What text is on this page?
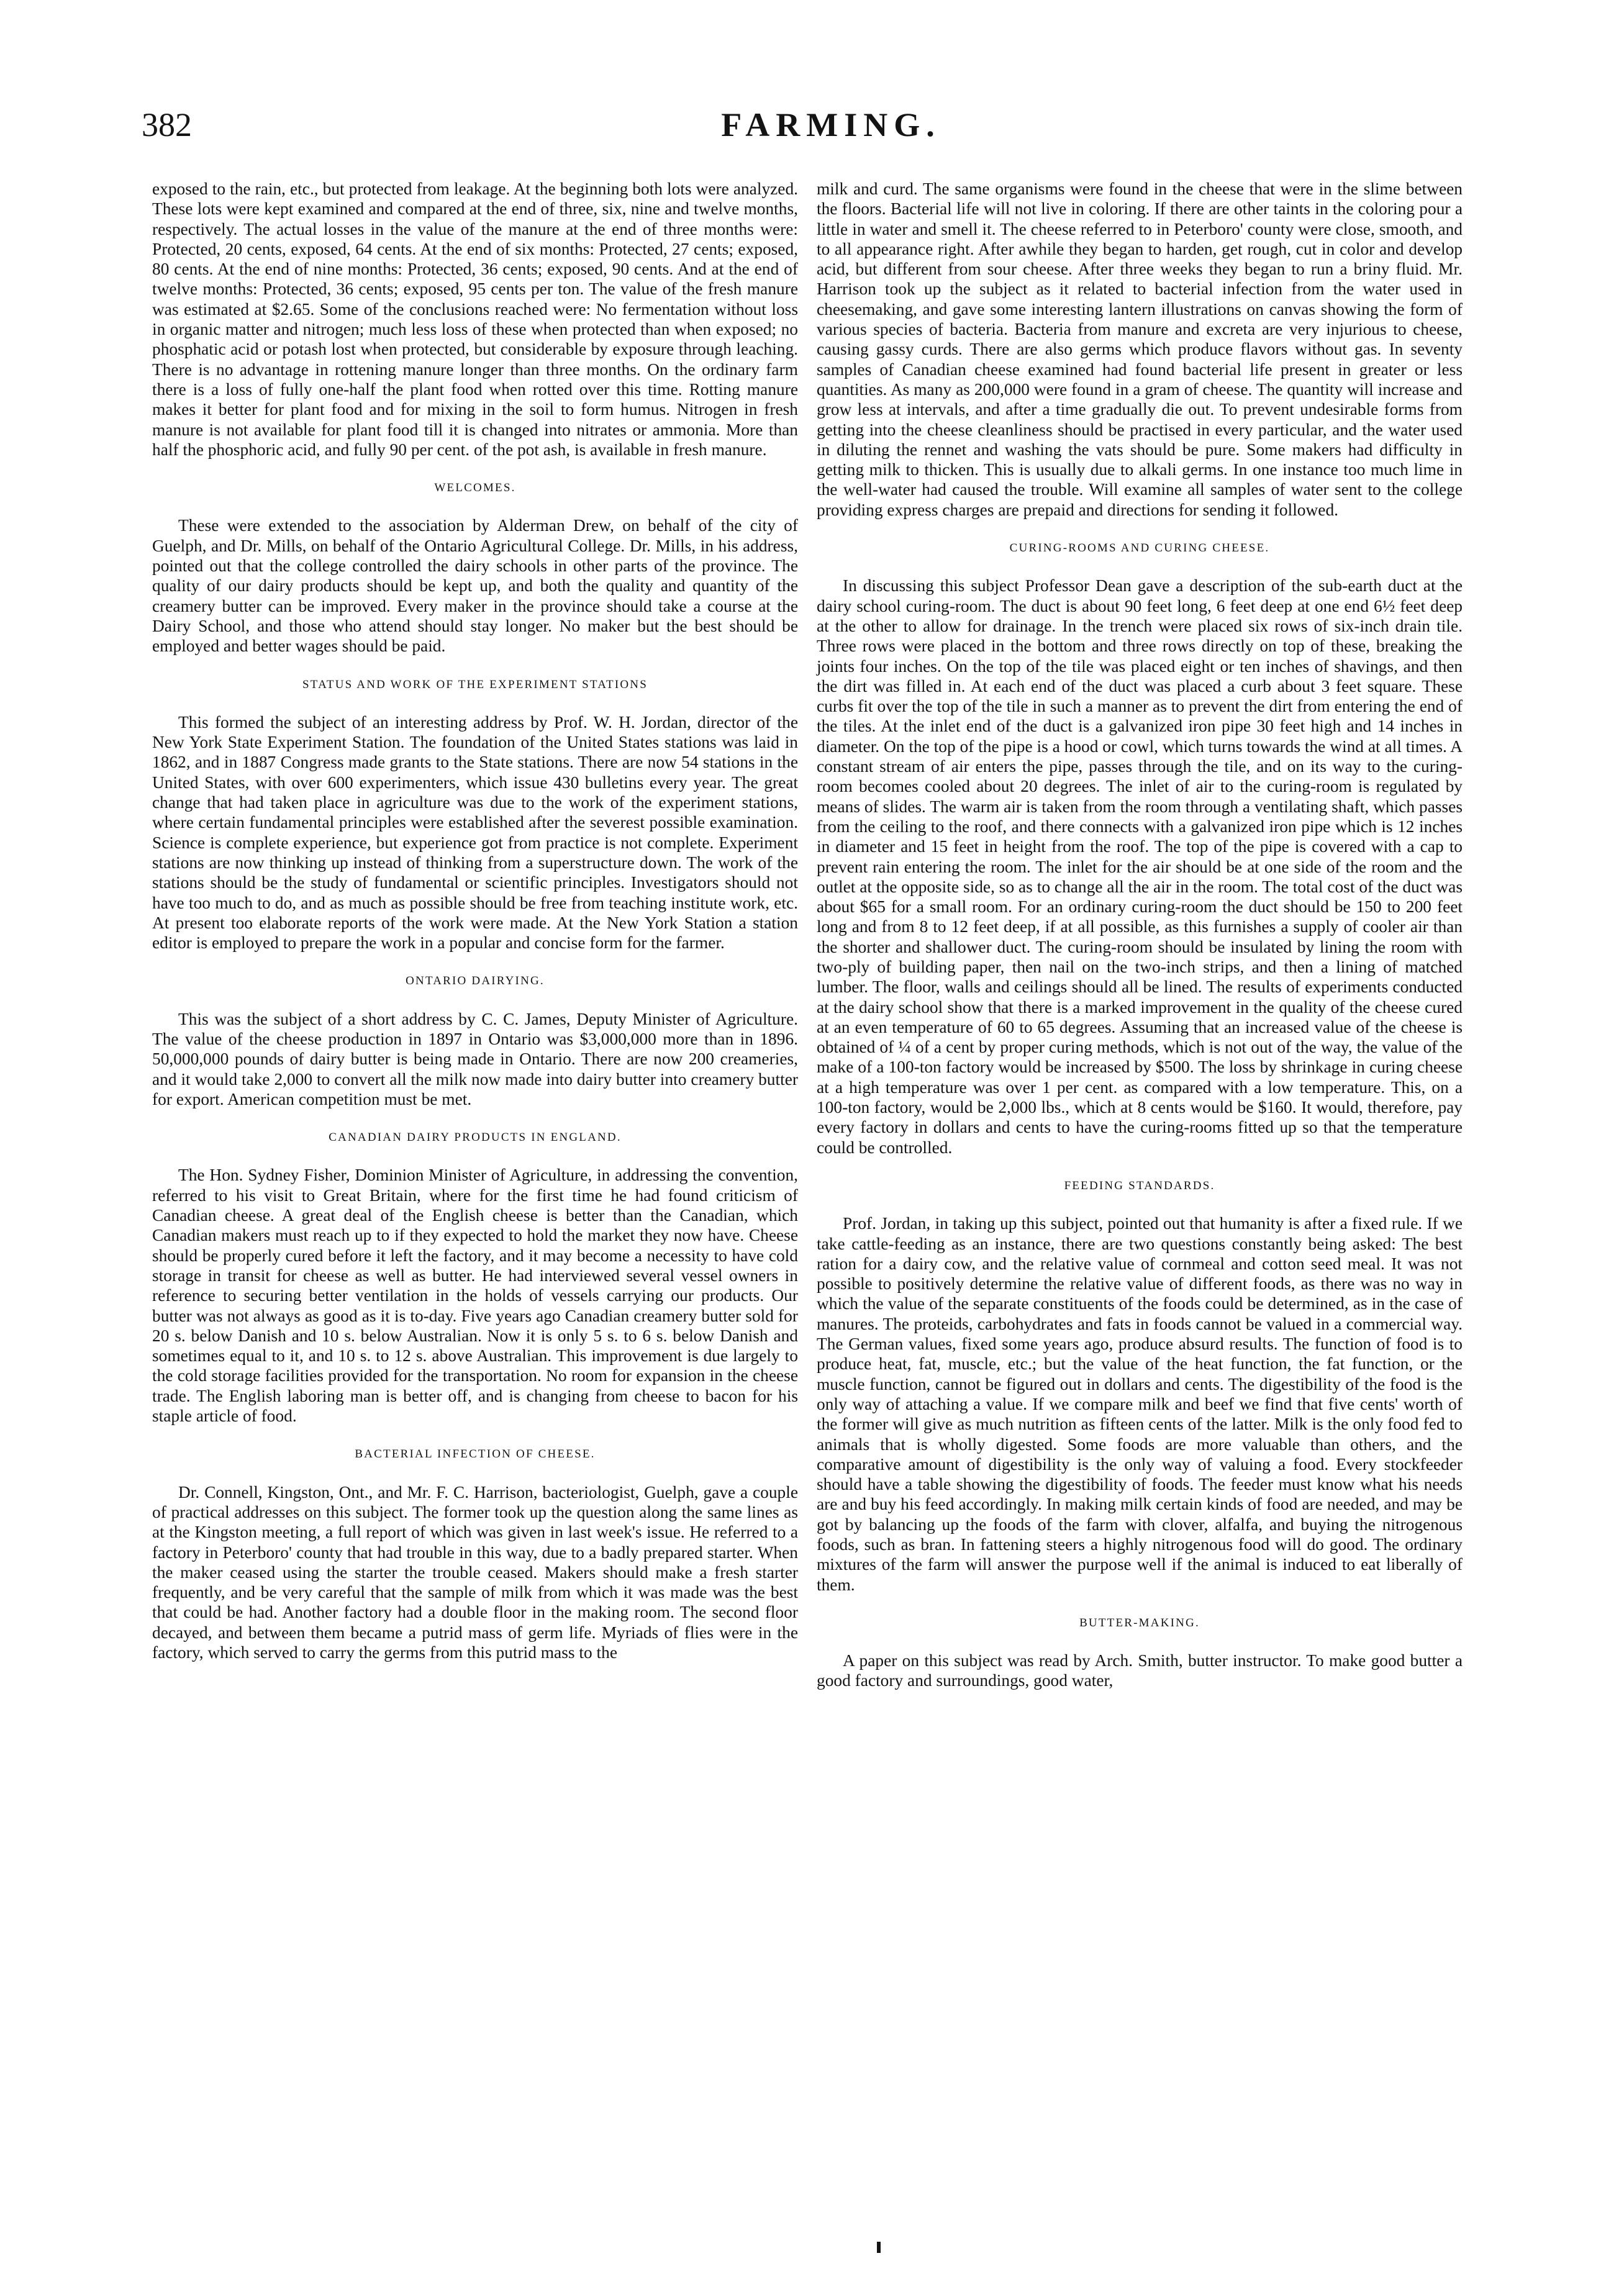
382	FARMING.

exposed to the rain, etc., but protected from leakage. At the beginning both lots were analyzed. These lots were kept examined and compared at the end of three, six, nine and twelve months, respectively. The actual losses in the value of the manure at the end of three months were: Protected, 20 cents, exposed, 64 cents. At the end of six months: Protected, 27 cents; exposed, 80 cents. At the end of nine months: Protected, 36 cents; exposed, 90 cents. And at the end of twelve months: Protected, 36 cents; exposed, 95 cents per ton. The value of the fresh manure was estimated at $2.65. Some of the conclusions reached were: No fermentation without loss in organic matter and nitrogen; much less loss of these when protected than when exposed; no phosphatic acid or potash lost when protected, but considerable by exposure through leaching. There is no advantage in rottening manure longer than three months. On the ordinary farm there is a loss of fully one-half the plant food when rotted over this time. Rotting manure makes it better for plant food and for mixing in the soil to form humus. Nitrogen in fresh manure is not available for plant food till it is changed into nitrates or ammonia. More than half the phosphoric acid, and fully 90 per cent. of the pot ash, is available in fresh manure.

WELCOMES.

These were extended to the association by Alderman Drew, on behalf of the city of Guelph, and Dr. Mills, on behalf of the Ontario Agricultural College. Dr. Mills, in his address, pointed out that the college controlled the dairy schools in other parts of the province. The quality of our dairy products should be kept up, and both the quality and quantity of the creamery butter can be improved. Every maker in the province should take a course at the Dairy School, and those who attend should stay longer. No maker but the best should be employed and better wages should be paid.

STATUS AND WORK OF THE EXPERIMENT STATIONS

This formed the subject of an interesting address by Prof. W. H. Jordan, director of the New York State Experiment Station. The foundation of the United States stations was laid in 1862, and in 1887 Congress made grants to the State stations. There are now 54 stations in the United States, with over 600 experimenters, which issue 430 bulletins every year. The great change that had taken place in agriculture was due to the work of the experiment stations, where certain fundamental principles were established after the severest possible examination. Science is complete experience, but experience got from practice is not complete. Experiment stations are now thinking up instead of thinking from a superstructure down. The work of the stations should be the study of fundamental or scientific principles. Investigators should not have too much to do, and as much as possible should be free from teaching institute work, etc. At present too elaborate reports of the work were made. At the New York Station a station editor is employed to prepare the work in a popular and concise form for the farmer.

ONTARIO DAIRYING.

This was the subject of a short address by C. C. James, Deputy Minister of Agriculture. The value of the cheese production in 1897 in Ontario was $3,000,000 more than in 1896. 50,000,000 pounds of dairy butter is being made in Ontario. There are now 200 creameries, and it would take 2,000 to convert all the milk now made into dairy butter into creamery butter for export. American competition must be met.

CANADIAN DAIRY PRODUCTS IN ENGLAND.

The Hon. Sydney Fisher, Dominion Minister of Agriculture, in addressing the convention, referred to his visit to Great Britain, where for the first time he had found criticism of Canadian cheese. A great deal of the English cheese is better than the Canadian, which Canadian makers must reach up to if they expected to hold the market they now have. Cheese should be properly cured before it left the factory, and it may become a necessity to have cold storage in transit for cheese as well as butter. He had interviewed several vessel owners in reference to securing better ventilation in the holds of vessels carrying our products. Our butter was not always as good as it is to-day. Five years ago Canadian creamery butter sold for 20 s. below Danish and 10 s. below Australian. Now it is only 5 s. to 6 s. below Danish and sometimes equal to it, and 10 s. to 12 s. above Australian. This improvement is due largely to the cold storage facilities provided for the transportation. No room for expansion in the cheese trade. The English laboring man is better off, and is changing from cheese to bacon for his staple article of food.

BACTERIAL INFECTION OF CHEESE.

Dr. Connell, Kingston, Ont., and Mr. F. C. Harrison, bacteriologist, Guelph, gave a couple of practical addresses on this subject. The former took up the question along the same lines as at the Kingston meeting, a full report of which was given in last week's issue. He referred to a factory in Peterboro' county that had trouble in this way, due to a badly prepared starter. When the maker ceased using the starter the trouble ceased. Makers should make a fresh starter frequently, and be very careful that the sample of milk from which it was made was the best that could be had. Another factory had a double floor in the making room. The second floor decayed, and between them became a putrid mass of germ life. Myriads of flies were in the factory, which served to carry the germs from this putrid mass to the

milk and curd. The same organisms were found in the cheese that were in the slime between the floors. Bacterial life will not live in coloring. If there are other taints in the coloring pour a little in water and smell it. The cheese referred to in Peterboro' county were close, smooth, and to all appearance right. After awhile they began to harden, get rough, cut in color and develop acid, but different from sour cheese. After three weeks they began to run a briny fluid. Mr. Harrison took up the subject as it related to bacterial infection from the water used in cheesemaking, and gave some interesting lantern illustrations on canvas showing the form of various species of bacteria. Bacteria from manure and excreta are very injurious to cheese, causing gassy curds. There are also germs which produce flavors without gas. In seventy samples of Canadian cheese examined had found bacterial life present in greater or less quantities. As many as 200,000 were found in a gram of cheese. The quantity will increase and grow less at intervals, and after a time gradually die out. To prevent undesirable forms from getting into the cheese cleanliness should be practised in every particular, and the water used in diluting the rennet and washing the vats should be pure. Some makers had difficulty in getting milk to thicken. This is usually due to alkali germs. In one instance too much lime in the well-water had caused the trouble. Will examine all samples of water sent to the college providing express charges are prepaid and directions for sending it followed.

CURING-ROOMS AND CURING CHEESE.

In discussing this subject Professor Dean gave a description of the sub-earth duct at the dairy school curing-room. The duct is about 90 feet long, 6 feet deep at one end 6½ feet deep at the other to allow for drainage. In the trench were placed six rows of six-inch drain tile. Three rows were placed in the bottom and three rows directly on top of these, breaking the joints four inches. On the top of the tile was placed eight or ten inches of shavings, and then the dirt was filled in. At each end of the duct was placed a curb about 3 feet square. These curbs fit over the top of the tile in such a manner as to prevent the dirt from entering the end of the tiles. At the inlet end of the duct is a galvanized iron pipe 30 feet high and 14 inches in diameter. On the top of the pipe is a hood or cowl, which turns towards the wind at all times. A constant stream of air enters the pipe, passes through the tile, and on its way to the curing-room becomes cooled about 20 degrees. The inlet of air to the curing-room is regulated by means of slides. The warm air is taken from the room through a ventilating shaft, which passes from the ceiling to the roof, and there connects with a galvanized iron pipe which is 12 inches in diameter and 15 feet in height from the roof. The top of the pipe is covered with a cap to prevent rain entering the room. The inlet for the air should be at one side of the room and the outlet at the opposite side, so as to change all the air in the room. The total cost of the duct was about $65 for a small room. For an ordinary curing-room the duct should be 150 to 200 feet long and from 8 to 12 feet deep, if at all possible, as this furnishes a supply of cooler air than the shorter and shallower duct. The curing-room should be insulated by lining the room with two-ply of building paper, then nail on the two-inch strips, and then a lining of matched lumber. The floor, walls and ceilings should all be lined. The results of experiments conducted at the dairy school show that there is a marked improvement in the quality of the cheese cured at an even temperature of 60 to 65 degrees. Assuming that an increased value of the cheese is obtained of ¼ of a cent by proper curing methods, which is not out of the way, the value of the make of a 100-ton factory would be increased by $500. The loss by shrinkage in curing cheese at a high temperature was over 1 per cent. as compared with a low temperature. This, on a 100-ton factory, would be 2,000 lbs., which at 8 cents would be $160. It would, therefore, pay every factory in dollars and cents to have the curing-rooms fitted up so that the temperature could be controlled.

FEEDING STANDARDS.

Prof. Jordan, in taking up this subject, pointed out that humanity is after a fixed rule. If we take cattle-feeding as an instance, there are two questions constantly being asked: The best ration for a dairy cow, and the relative value of cornmeal and cotton seed meal. It was not possible to positively determine the relative value of different foods, as there was no way in which the value of the separate constituents of the foods could be determined, as in the case of manures. The proteids, carbohydrates and fats in foods cannot be valued in a commercial way. The German values, fixed some years ago, produce absurd results. The function of food is to produce heat, fat, muscle, etc.; but the value of the heat function, the fat function, or the muscle function, cannot be figured out in dollars and cents. The digestibility of the food is the only way of attaching a value. If we compare milk and beef we find that five cents' worth of the former will give as much nutrition as fifteen cents of the latter. Milk is the only food fed to animals that is wholly digested. Some foods are more valuable than others, and the comparative amount of digestibility is the only way of valuing a food. Every stockfeeder should have a table showing the digestibility of foods. The feeder must know what his needs are and buy his feed accordingly. In making milk certain kinds of food are needed, and may be got by balancing up the foods of the farm with clover, alfalfa, and buying the nitrogenous foods, such as bran. In fattening steers a highly nitrogenous food will do good. The ordinary mixtures of the farm will answer the purpose well if the animal is induced to eat liberally of them.

BUTTER-MAKING.

A paper on this subject was read by Arch. Smith, butter instructor. To make good butter a good factory and surroundings, good water,
